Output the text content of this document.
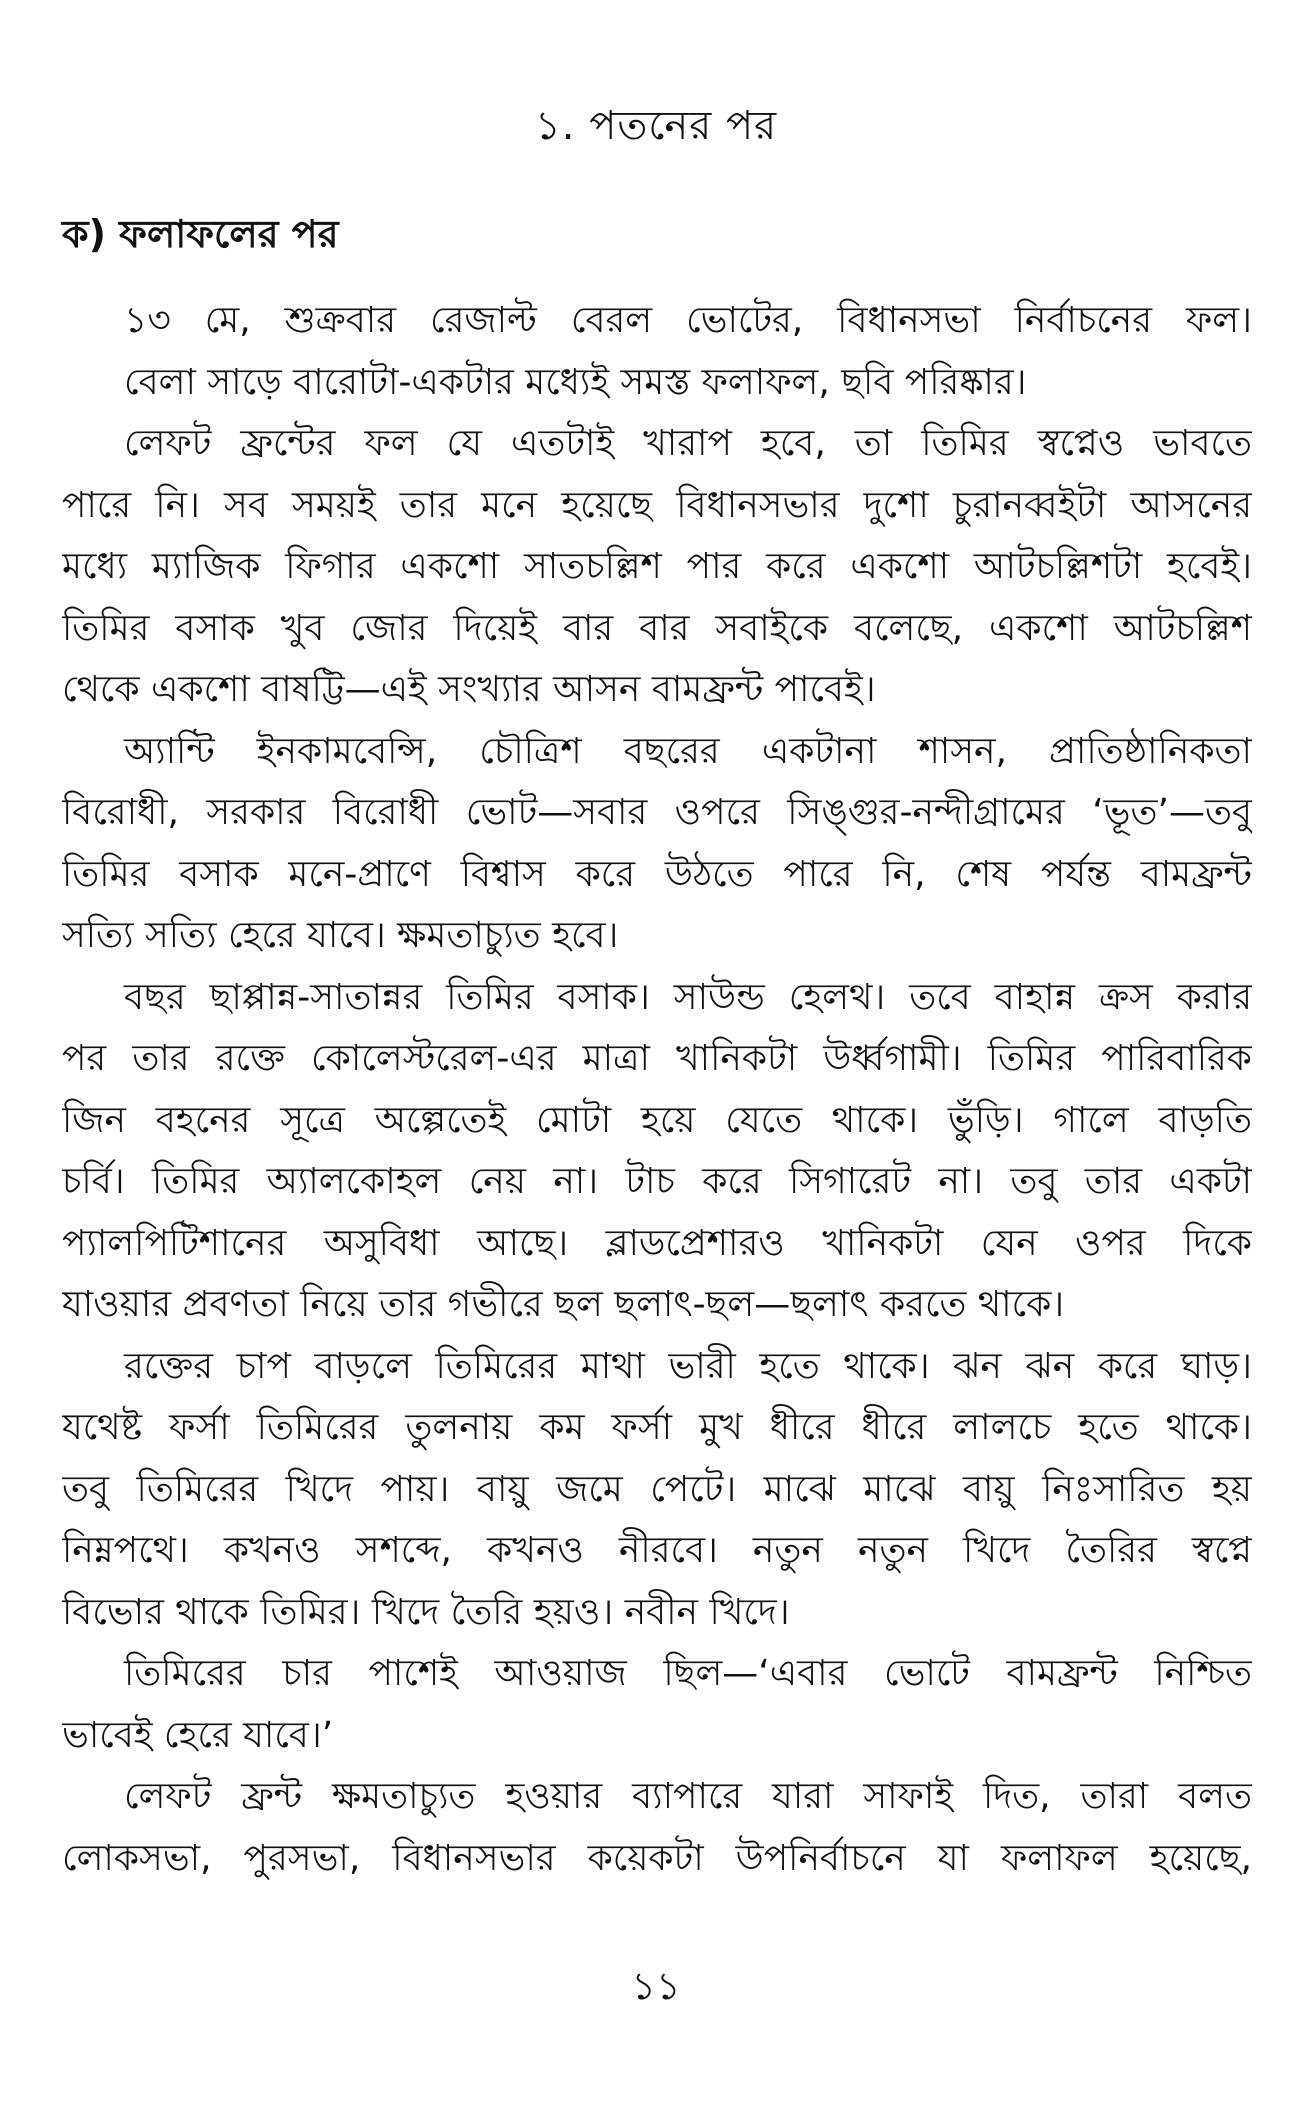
১. পতনের পর
ক) ফলাফলের পর
১৩ মে, শুক্রবার রেজাল্ট বেরল ভোটের, বিধানসভা নির্বাচনের ফল।
বেলা সাড়ে বারোটা-একটার মধ্যেই সমস্ত ফলাফল, ছবি পরিষ্কার।
লেফট ফ্রন্টের ফল যে এতটাই খারাপ হবে, তা তিমির স্বপ্নেও ভাবতে
পারে নি। সব সময়ই তার মনে হয়েছে বিধানসভার দুশো চুরানব্বইটা আসনের
মধ্যে ম্যাজিক ফিগার একশো সাতচল্লিশ পার করে একশো আটচল্লিশটা হবেই।
তিমির বসাক খুব জোর দিয়েই বার বার সবাইকে বলেছে, একশো আটচল্লিশ
থেকে একশো বাষট্টি—এই সংখ্যার আসন বামফ্রন্ট পাবেই।
অ্যান্টি ইনকামবেন্সি, চৌত্রিশ বছরের একটানা শাসন, প্রাতিষ্ঠানিকতা
বিরোধী, সরকার বিরোধী ভোট—সবার ওপরে সিঙ্গুর-নন্দীগ্রামের ‘ভূত’—তবু
তিমির বসাক মনে-প্রাণে বিশ্বাস করে উঠতে পারে নি, শেষ পর্যন্ত বামফ্রন্ট
সত্যি সত্যি হেরে যাবে। ক্ষমতাচ্যুত হবে।
বছর ছাপ্পান্ন-সাতান্নর তিমির বসাক। সাউন্ড হেলথ। তবে বাহান্ন ক্রস করার
পর তার রক্তে কোলেস্টরেল-এর মাত্রা খানিকটা উর্ধ্বগামী। তিমির পারিবারিক
জিন বহনের সূত্রে অল্পেতেই মোটা হয়ে যেতে থাকে। ভুঁড়ি। গালে বাড়তি
চর্বি। তিমির অ্যালকোহল নেয় না। টাচ করে সিগারেট না। তবু তার একটা
প্যালপিটিশানের অসুবিধা আছে। ব্লাডপ্রেশারও খানিকটা যেন ওপর দিকে
যাওয়ার প্রবণতা নিয়ে তার গভীরে ছল ছলাৎ-ছল—ছলাৎ করতে থাকে।
রক্তের চাপ বাড়লে তিমিরের মাথা ভারী হতে থাকে। ঝন ঝন করে ঘাড়।
যথেষ্ট ফর্সা তিমিরের তুলনায় কম ফর্সা মুখ ধীরে ধীরে লালচে হতে থাকে।
তবু তিমিরের খিদে পায়। বায়ু জমে পেটে। মাঝে মাঝে বায়ু নিঃসারিত হয়
নিম্নপথে। কখনও সশব্দে, কখনও নীরবে। নতুন নতুন খিদে তৈরির স্বপ্নে
বিভোর থাকে তিমির। খিদে তৈরি হয়ও। নবীন খিদে।
তিমিরের চার পাশেই আওয়াজ ছিল—‘এবার ভোটে বামফ্রন্ট নিশ্চিত
ভাবেই হেরে যাবে।’
লেফট ফ্রন্ট ক্ষমতাচ্যুত হওয়ার ব্যাপারে যারা সাফাই দিত, তারা বলত
লোকসভা, পুরসভা, বিধানসভার কয়েকটা উপনির্বাচনে যা ফলাফল হয়েছে,
১১
